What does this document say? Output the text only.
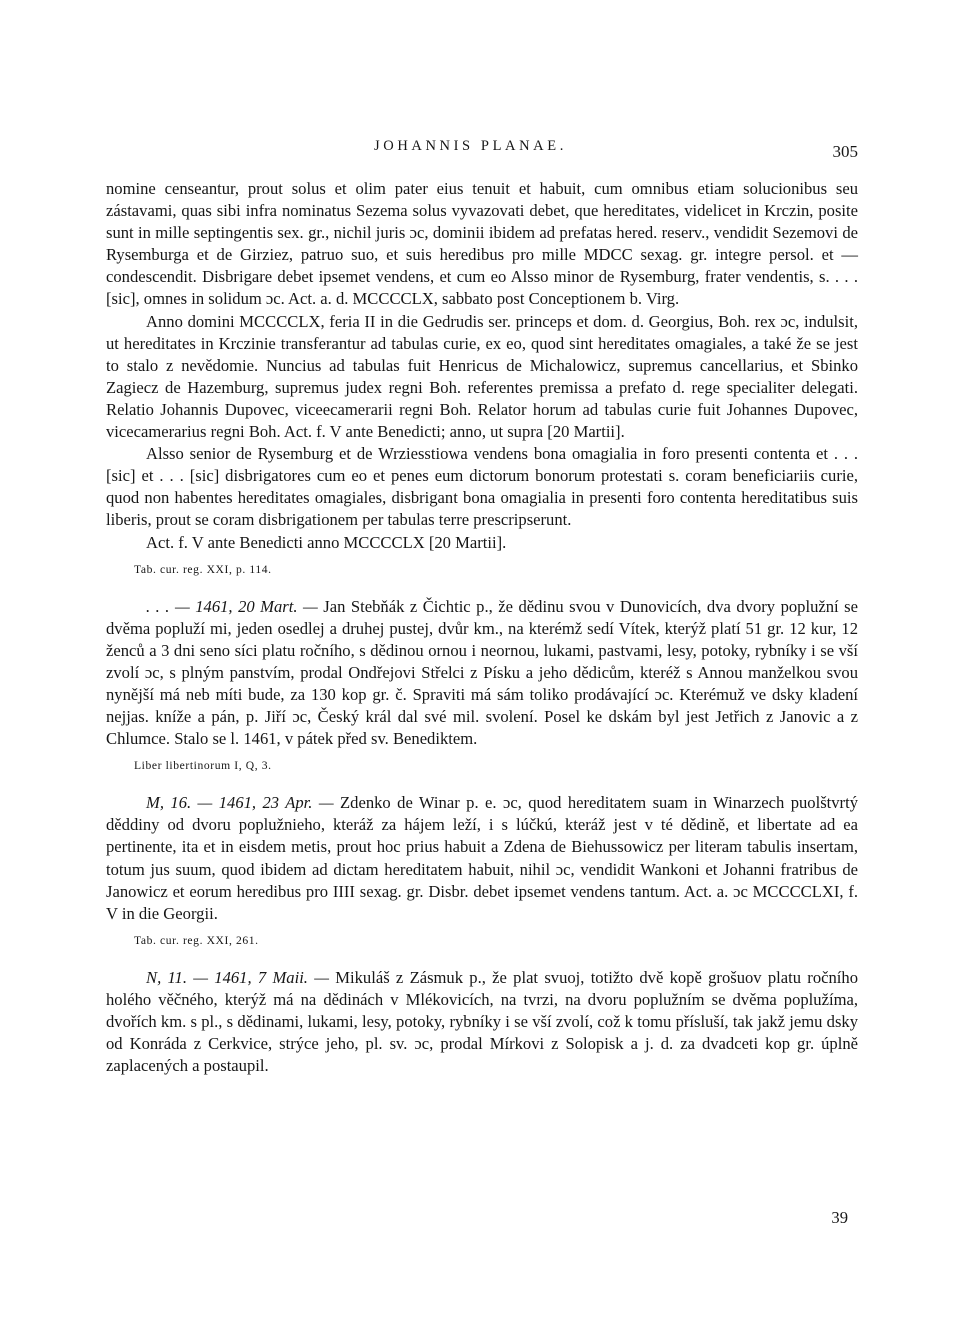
JOHANNIS PLANAE.	305

nomine censeantur, prout solus et olim pater eius tenuit et habuit, cum omnibus etiam solucionibus seu zástavami, quas sibi infra nominatus Sezema solus vyvazovati debet, que hereditates, videlicet in Krczin, posite sunt in mille septingentis sex. gr., nichil juris ɔc, dominii ibidem ad prefatas hered. reserv., vendidit Sezemovi de Rysemburga et de Girziez, patruo suo, et suis heredibus pro mille MDCC sexag. gr. integre persol. et — condescendit. Disbrigare debet ipsemet vendens, et cum eo Alsso minor de Rysemburg, frater vendentis, s. . . . [sic], omnes in solidum ɔc. Act. a. d. MCCCCLX, sabbato post Conceptionem b. Virg.

Anno domini MCCCCLX, feria II in die Gedrudis ser. princeps et dom. d. Georgius, Boh. rex ɔc, indulsit, ut hereditates in Krczinie transferantur ad tabulas curie, ex eo, quod sint hereditates omagiales, a také že se jest to stalo z nevědomie. Nuncius ad tabulas fuit Henricus de Michalowicz, supremus cancellarius, et Sbinko Zagiecz de Hazemburg, supremus judex regni Boh. referentes premissa a prefato d. rege specialiter delegati. Relatio Johannis Dupovec, viceecamerarii regni Boh. Relator horum ad tabulas curie fuit Johannes Dupovec, vicecamerarius regni Boh. Act. f. V ante Benedicti; anno, ut supra [20 Martii].

Alsso senior de Rysemburg et de Wrziesstiowa vendens bona omagialia in foro presenti contenta et . . . [sic] et . . . [sic] disbrigatores cum eo et penes eum dictorum bonorum protestati s. coram beneficiariis curie, quod non habentes hereditates omagiales, disbrigant bona omagialia in presenti foro contenta hereditatibus suis liberis, prout se coram disbrigationem per tabulas terre prescripserunt.

Act. f. V ante Benedicti anno MCCCCLX [20 Martii].

Tab. cur. reg. XXI, p. 114.

. . . — 1461, 20 Mart. — Jan Stebňák z Čichtic p., že dědinu svou v Dunovicích, dva dvory poplužní se dvěma popluží mi, jeden osedlej a druhej pustej, dvůr km., na kterémž sedí Vítek, kterýž platí 51 gr. 12 kur, 12 ženců a 3 dni seno síci platu ročního, s dědinou ornou i neornou, lukami, pastvami, lesy, potoky, rybníky i se vší zvolí ɔc, s plným panstvím, prodal Ondřejovi Střelci z Písku a jeho dědicům, kteréž s Annou manželkou svou nynější má neb míti bude, za 130 kop gr. č. Spraviti má sám toliko prodávající ɔc. Kterémuž ve dsky kladení nejjas. kníže a pán, p. Jiří ɔc, Český král dal své mil. svolení. Posel ke dskám byl jest Jetřich z Janovic a z Chlumce. Stalo se l. 1461, v pátek před sv. Benediktem.

Liber libertinorum I, Q, 3.

M, 16. — 1461, 23 Apr. — Zdenko de Winar p. e. ɔc, quod hereditatem suam in Winarzech puolštvrtý děddiny od dvoru poplužnieho, kteráž za hájem leží, i s lúčkú, kteráž jest v té dědině, et libertate ad ea pertinente, ita et in eisdem metis, prout hoc prius habuit a Zdena de Biehussowicz per literam tabulis insertam, totum jus suum, quod ibidem ad dictam hereditatem habuit, nihil ɔc, vendidit Wankoni et Johanni fratribus de Janowicz et eorum heredibus pro IIII sexag. gr. Disbr. debet ipsemet vendens tantum. Act. a. ɔc MCCCCLXI, f. V in die Georgii.

Tab. cur. reg. XXI, 261.

N, 11. — 1461, 7 Maii. — Mikuláš z Zásmuk p., že plat svuoj, totižto dvě kopě grošuov platu ročního holého věčného, kterýž má na dědinách v Mlékovicích, na tvrzi, na dvoru poplužním se dvěma poplužíma, dvořích km. s pl., s dědinami, lukami, lesy, potoky, rybníky i se vší zvolí, což k tomu přísluší, tak jakž jemu dsky od Konráda z Cerkvice, strýce jeho, pl. sv. ɔc, prodal Mírkovi z Solopisk a j. d. za dvadceti kop gr. úplně zaplacených a postaupil.

39
